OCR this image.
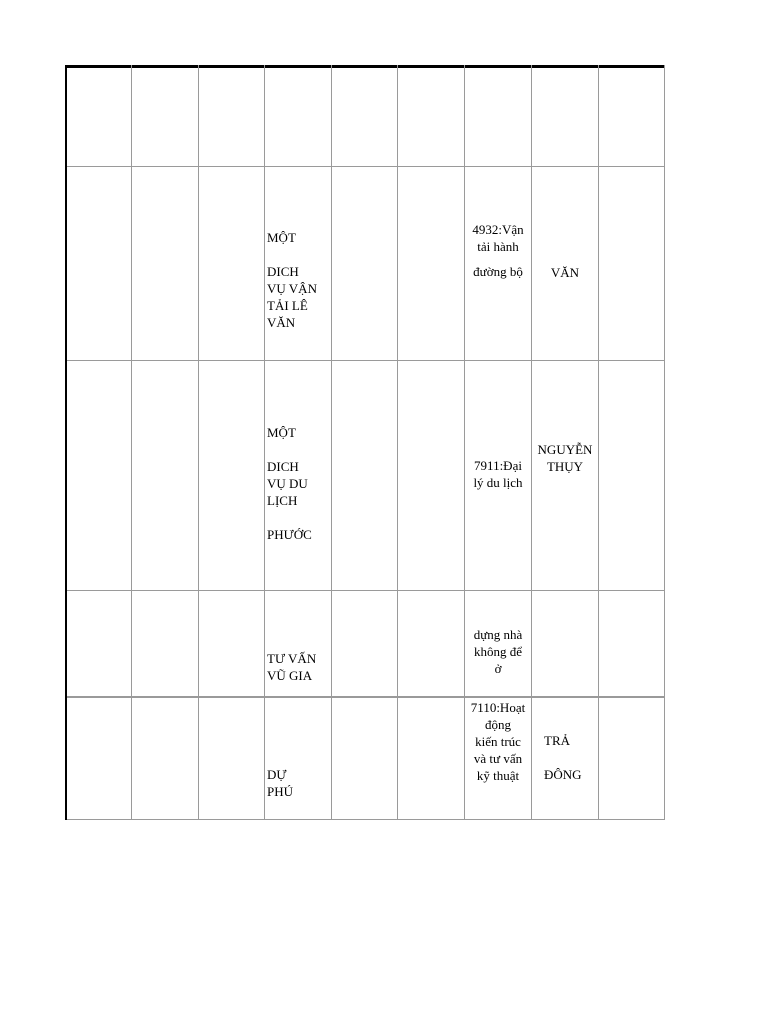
MỘT
DICH
VỤ VẬN
TẢI LÊ
VĂN
4932:Vận
tải hành
đường bộ	VĂN
MỘT
DICH
VỤ DU
LỊCH
PHƯỚC
7911:Đại
lý du lịch
NGUYỄN
THỤY
TƯ VẤN
VŨ GIA
dựng nhà
không để
ở
DỰ
PHÚ
7110:Hoạt
động
kiến trúc
và tư vấn
kỹ thuật
TRẢ
ĐÔNG
